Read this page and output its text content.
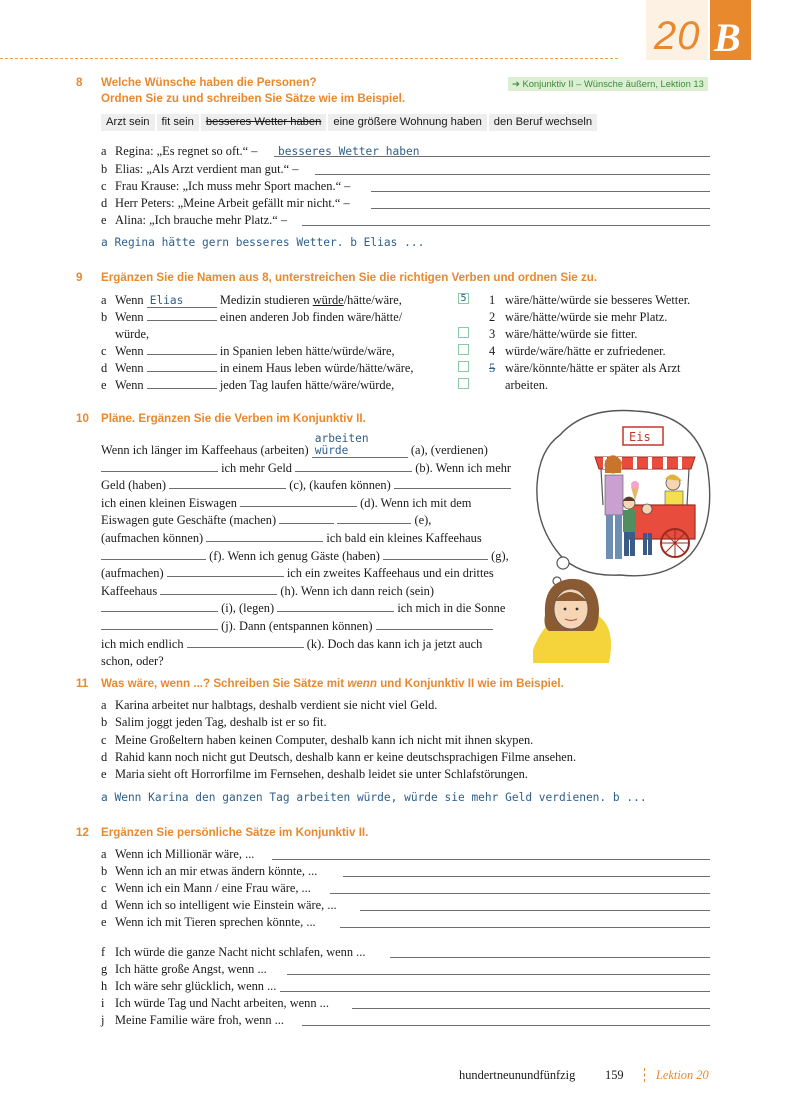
20 B
8 Welche Wünsche haben die Personen?
Ordnen Sie zu und schreiben Sie Sätze wie im Beispiel.
➔ Konjunktiv II – Wünsche äußern, Lektion 13
Arzt sein	fit sein	besseres Wetter haben	eine größere Wohnung haben	den Beruf wechseln
a Regina: „Es regnet so oft.“ –	besseres Wetter haben
b Elias: „Als Arzt verdient man gut.“ –
c Frau Krause: „Ich muss mehr Sport machen.“ –
d Herr Peters: „Meine Arbeit gefällt mir nicht.“ –
e Alina: „Ich brauche mehr Platz.“ –
a Regina hätte gern besseres Wetter. b Elias ...
9 Ergänzen Sie die Namen aus 8, unterstreichen Sie die richtigen Verben und ordnen Sie zu.
a Wenn Elias	Medizin studieren würde/hätte/wäre,
b Wenn	einen anderen Job finden wäre/hätte/
würde,
c Wenn	in Spanien leben hätte/würde/wäre,
d Wenn	in einem Haus leben würde/hätte/wäre,
e Wenn	jeden Tag laufen hätte/wäre/würde,
5 1 wäre/hätte/würde sie besseres Wetter.
2 wäre/hätte/würde sie mehr Platz.
3 wäre/hätte/würde sie fitter.
4 würde/wäre/hätte er zufriedener.
5 wäre/könnte/hätte er später als Arzt
arbeiten.
10 Pläne. Ergänzen Sie die Verben im Konjunktiv II.
Wenn ich länger im Kaffeehaus (arbeiten) arbeiten würde	(a), (verdienen)
ich mehr Geld	(b). Wenn ich mehr
Geld (haben)	(c), (kaufen können)
ich einen kleinen Eiswagen	(d). Wenn ich mit dem
Eiswagen gute Geschäfte (machen)	(e),
(aufmachen können)	ich bald ein kleines Kaffeehaus
(f). Wenn ich genug Gäste (haben)	(g),
(aufmachen)	ich ein zweites Kaffeehaus und ein drittes
Kaffeehaus	(h). Wenn ich dann reich (sein)
(i), (legen)	ich mich in die Sonne
(j). Dann (entspannen können)
ich mich endlich	(k). Doch das kann ich ja jetzt auch
schon, oder?
Eis
11 Was wäre, wenn ...? Schreiben Sie Sätze mit wenn und Konjunktiv II wie im Beispiel.
a Karina arbeitet nur halbtags, deshalb verdient sie nicht viel Geld.
b Salim joggt jeden Tag, deshalb ist er so fit.
c Meine Großeltern haben keinen Computer, deshalb kann ich nicht mit ihnen skypen.
d Rahid kann noch nicht gut Deutsch, deshalb kann er keine deutschsprachigen Filme ansehen.
e Maria sieht oft Horrorfilme im Fernsehen, deshalb leidet sie unter Schlafstörungen.
a Wenn Karina den ganzen Tag arbeiten würde, würde sie mehr Geld verdienen. b ...
12 Ergänzen Sie persönliche Sätze im Konjunktiv II.
a Wenn ich Millionär wäre, ...
b Wenn ich an mir etwas ändern könnte, ...
c Wenn ich ein Mann / eine Frau wäre, ...
d Wenn ich so intelligent wie Einstein wäre, ...
e Wenn ich mit Tieren sprechen könnte, ...
f Ich würde die ganze Nacht nicht schlafen, wenn ...
g Ich hätte große Angst, wenn ...
h Ich wäre sehr glücklich, wenn ...
i Ich würde Tag und Nacht arbeiten, wenn ...
j Meine Familie wäre froh, wenn ...
hundertneunundfünfzig 159	Lektion 20
